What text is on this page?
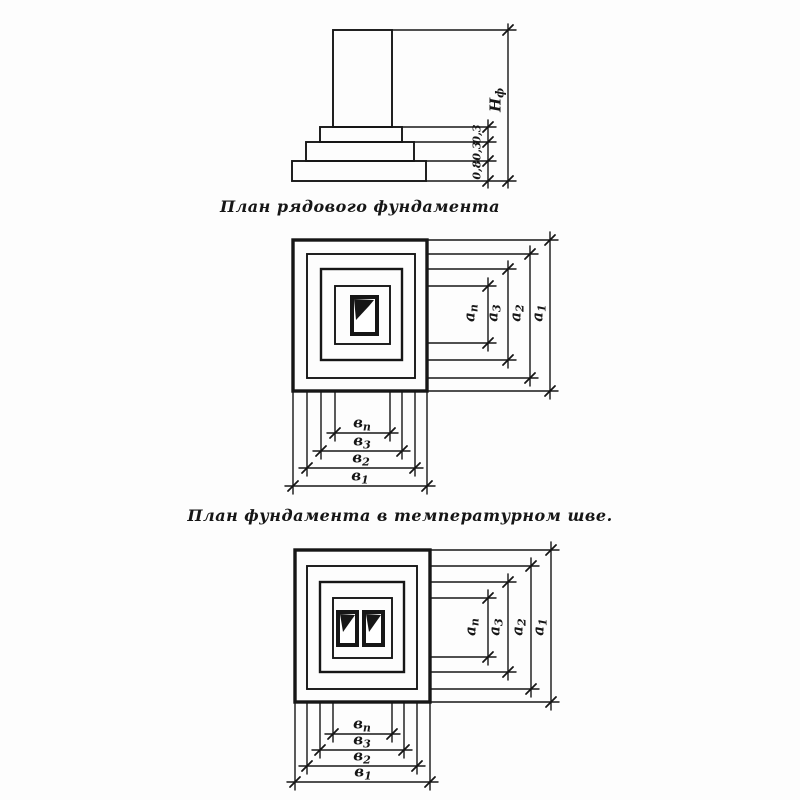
0,3
0,3
0,8
$Н_ф$
План рядового фундамента
$а_п$
$а_3$
$а_2$
$а_1$
$в_п$
$в_3$
$в_2$
$в_1$
План фундамента в температурном шве.
$а_п$
$а_3$
$а_2$
$а_1$
$в_п$
$в_3$
$в_2$
$в_1$
